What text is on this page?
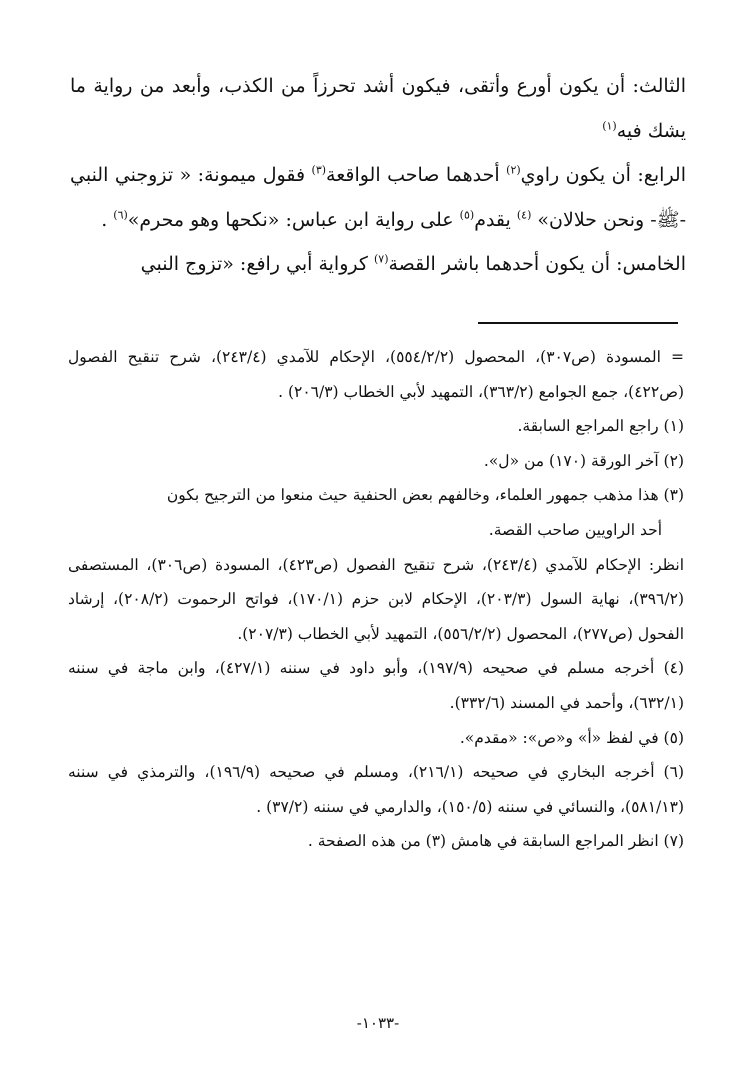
الثالث: أن يكون أورع وأتقى، فيكون أشد تحرزاً من الكذب، وأبعد من رواية ما يشك فيه$^{(١)}$

الرابع: أن يكون راوي$^{(٢)}$ أحدهما صاحب الواقعة$^{(٣)}$ فقول ميمونة: « تزوجني النبي -ﷺ- ونحن حلالان» $^{(٤)}$ يقدم$^{(٥)}$ على رواية ابن عباس: «نكحها وهو محرم»$^{(٦)}$ .

الخامس: أن يكون أحدهما باشر القصة$^{(٧)}$ كرواية أبي رافع: «تزوج النبي

= المسودة (ص٣٠٧)، المحصول (٥٥٤/٢/٢)، الإحكام للآمدي (٢٤٣/٤)، شرح تنقيح الفصول (ص٤٢٢)، جمع الجوامع (٣٦٣/٢)، التمهيد لأبي الخطاب (٢٠٦/٣) .

(١) راجع المراجع السابقة.

(٢) آخر الورقة (١٧٠) من «ل».

(٣) هذا مذهب جمهور العلماء، وخالفهم بعض الحنفية حيث منعوا من الترجيح بكون

أحد الراويين صاحب القصة.

انظر: الإحكام للآمدي (٢٤٣/٤)، شرح تنقيح الفصول (ص٤٢٣)، المسودة (ص٣٠٦)، المستصفى (٣٩٦/٢)، نهاية السول (٢٠٣/٣)، الإحكام لابن حزم (١٧٠/١)، فواتح الرحموت (٢٠٨/٢)، إرشاد الفحول (ص٢٧٧)، المحصول (٥٥٦/٢/٢)، التمهيد لأبي الخطاب (٢٠٧/٣).

(٤) أخرجه مسلم في صحيحه (١٩٧/٩)، وأبو داود في سننه (٤٢٧/١)، وابن ماجة في سننه (٦٣٢/١)، وأحمد في المسند (٣٣٢/٦).

(٥) في لفظ «أ» و«ص»: «مقدم».

(٦) أخرجه البخاري في صحيحه (٢١٦/١)، ومسلم في صحيحه (١٩٦/٩)، والترمذي في سننه (٥٨١/١٣)، والنسائي في سننه (١٥٠/٥)، والدارمي في سننه (٣٧/٢) .

(٧) انظر المراجع السابقة في هامش (٣) من هذه الصفحة .

-١٠٣٣-
